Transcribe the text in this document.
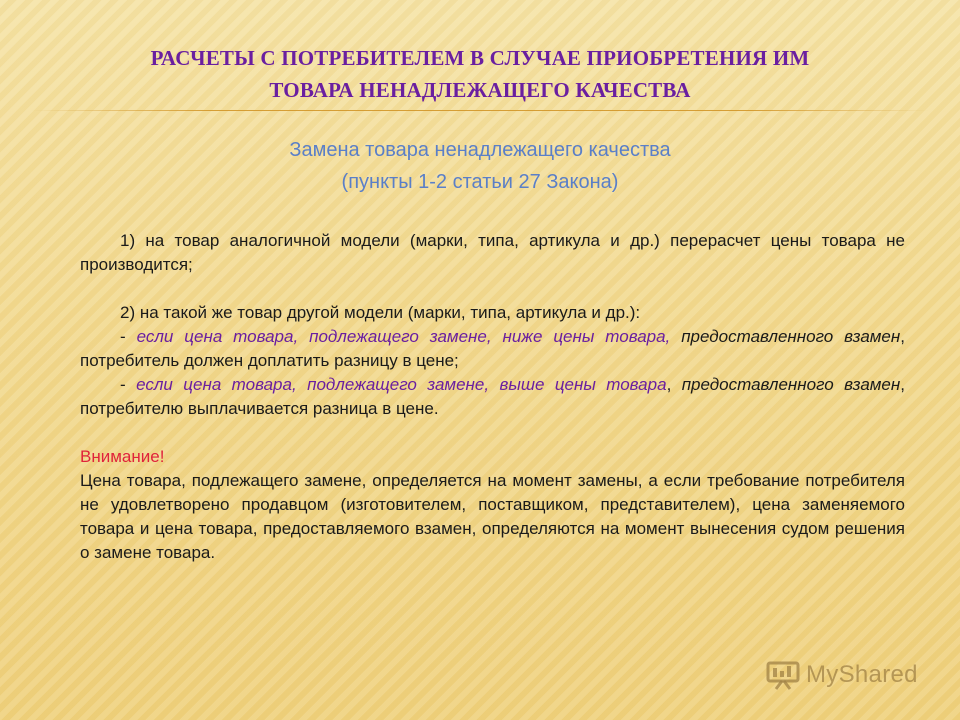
РАСЧЕТЫ С ПОТРЕБИТЕЛЕМ В СЛУЧАЕ ПРИОБРЕТЕНИЯ ИМ
ТОВАРА НЕНАДЛЕЖАЩЕГО КАЧЕСТВА
Замена товара ненадлежащего качества
(пункты 1-2 статьи 27 Закона)

1) на товар аналогичной модели (марки, типа, артикула и др.) перерасчет цены товара не производится;

2) на такой же товар другой модели (марки, типа, артикула и др.):

- если цена товара, подлежащего замене, ниже цены товара, предоставленного взамен, потребитель должен доплатить разницу в цене;

- если цена товара, подлежащего замене, выше цены товара, предоставленного взамен, потребителю выплачивается разница в цене.

Внимание!

Цена товара, подлежащего замене, определяется на момент замены, а если требование потребителя не удовлетворено продавцом (изготовителем, поставщиком, представителем), цена заменяемого товара и цена товара, предоставляемого взамен, определяются на момент вынесения судом решения о замене товара.

MyShared
